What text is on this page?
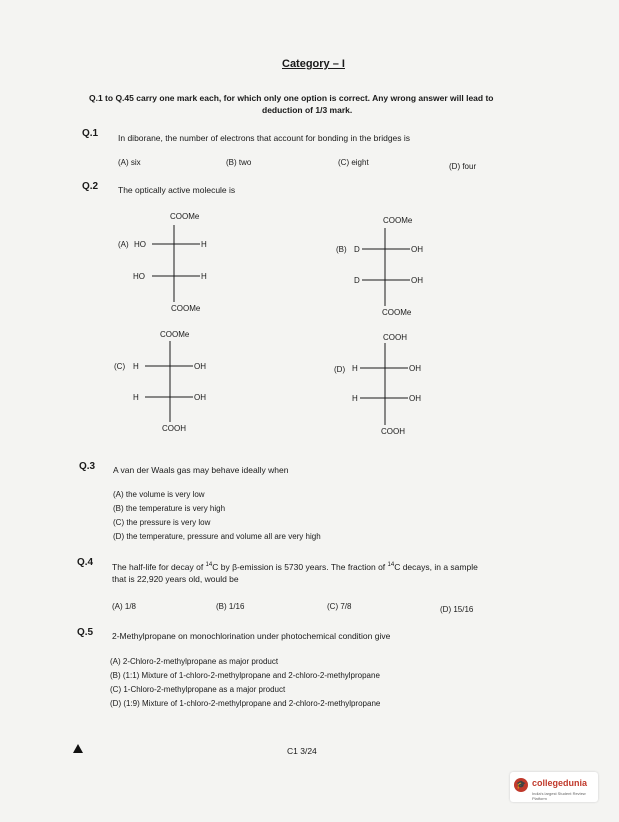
Category – I
Q.1 to Q.45 carry one mark each, for which only one option is correct. Any wrong answer will lead to
deduction of 1/3 mark.
Q.1 In diborane, the number of electrons that account for bonding in the bridges is
(A) six	(B) two	(C) eight	(D) four
Q.2 The optically active molecule is
COOMe
(A) HO	H
HO	H
COOMe
COOMe
(B) D	OH
D	OH
COOMe
COOMe
(C) H	OH
H	OH
COOH
COOH
(D) H	OH
H	OH
COOH
Q.3 A van der Waals gas may behave ideally when
(A) the volume is very low
(B) the temperature is very high
(C) the pressure is very low
(D) the temperature, pressure and volume all are very high
Q.4 The half-life for decay of $^{14}$C by β-emission is 5730 years. The fraction of $^{14}$C decays, in a sample
that is 22,920 years old, would be
(A) 1/8	(B) 1/16	(C) 7/8	(D) 15/16
Q.5 2-Methylpropane on monochlorination under photochemical condition give
(A) 2-Chloro-2-methylpropane as major product
(B) (1:1) Mixture of 1-chloro-2-methylpropane and 2-chloro-2-methylpropane
(C) 1-Chloro-2-methylpropane as a major product
(D) (1:9) Mixture of 1-chloro-2-methylpropane and 2-chloro-2-methylpropane
C1 3/24
🎓 collegedunia
India's largest Student Review Platform
